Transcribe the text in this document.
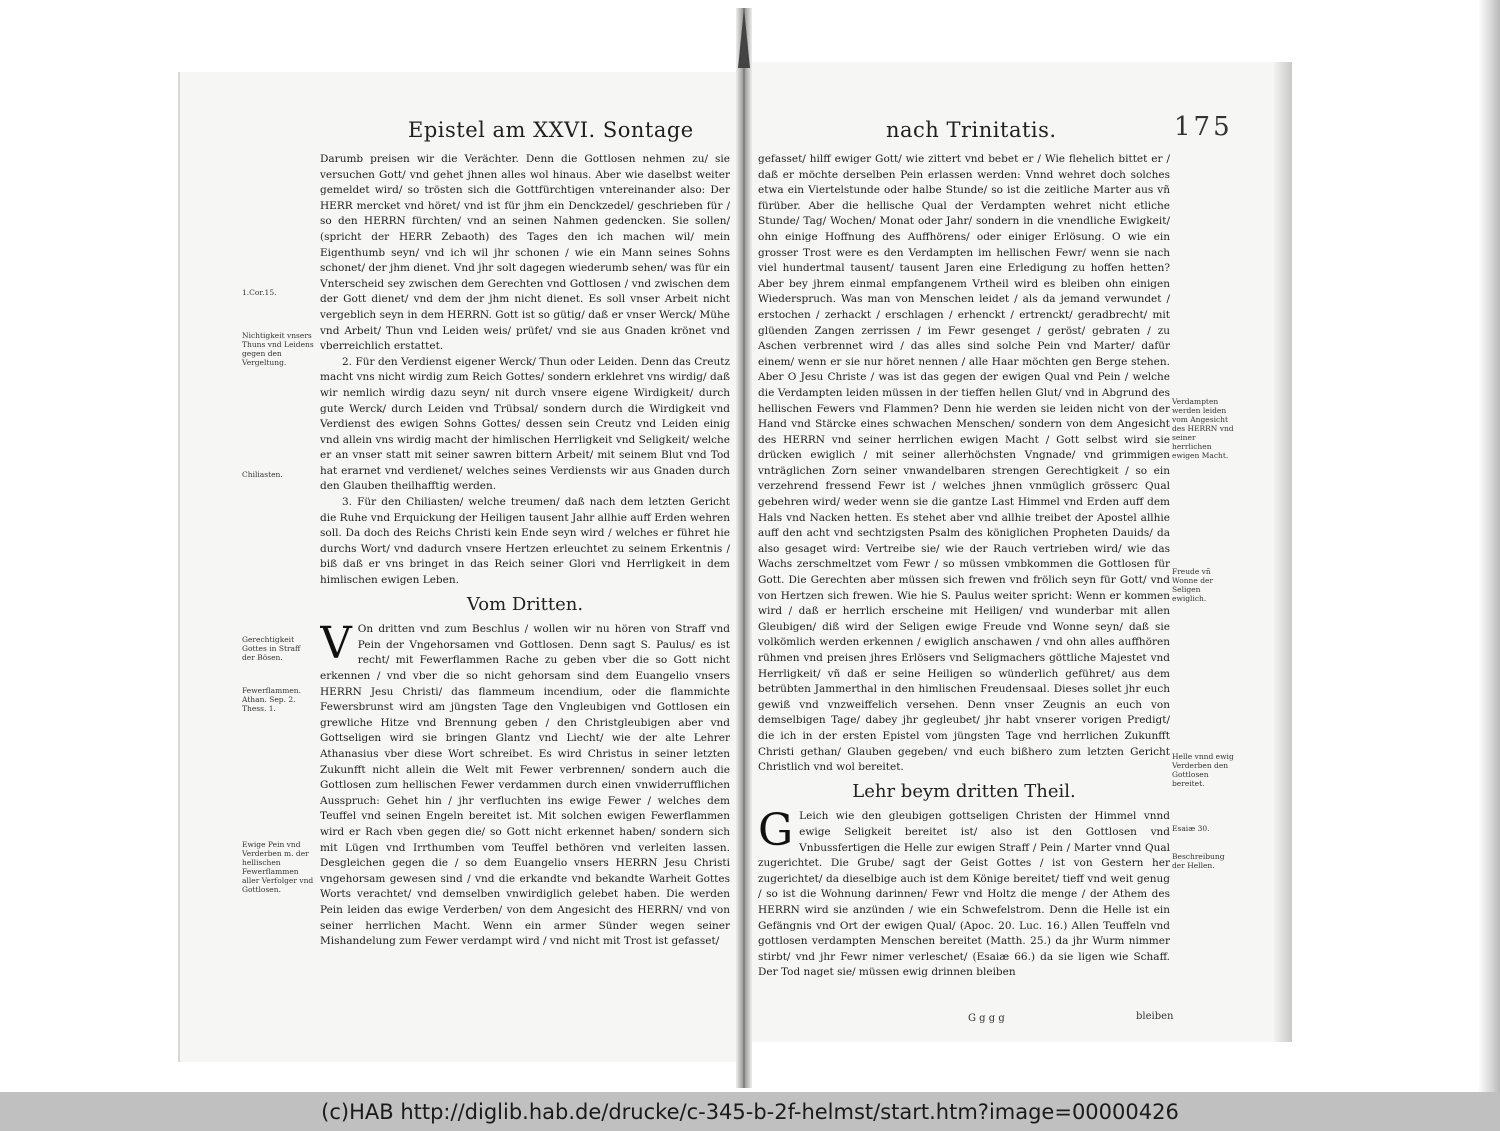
Epistel am XXVI. Sontage

Darumb preisen wir die Verächter. Denn die Gottlosen nehmen zu/ sie versuchen Gott/ vnd gehet jhnen alles wol hinaus. Aber wie daselbst weiter gemeldet wird/ so trösten sich die Gottfürchtigen vntereinander also: Der HERR mercket vnd höret/ vnd ist für jhm ein Denckzedel/ geschrieben für / so den HERRN fürchten/ vnd an seinen Nahmen gedencken. Sie sollen/ (spricht der HERR Zebaoth) des Tages den ich machen wil/ mein Eigenthumb seyn/ vnd ich wil jhr schonen / wie ein Mann seines Sohns schonet/ der jhm dienet. Vnd jhr solt dagegen wiederumb sehen/ was für ein Vnterscheid sey zwischen dem Gerechten vnd Gottlosen / vnd zwischen dem der Gott dienet/ vnd dem der jhm nicht dienet. Es soll vnser Arbeit nicht vergeblich seyn in dem HERRN. Gott ist so gütig/ daß er vnser Werck/ Mühe vnd Arbeit/ Thun vnd Leiden weis/ prüfet/ vnd sie aus Gnaden krönet vnd vberreichlich erstattet.

2. Für den Verdienst eigener Werck/ Thun oder Leiden. Denn das Creutz macht vns nicht wirdig zum Reich Gottes/ sondern erklehret vns wirdig/ daß wir nemlich wirdig dazu seyn/ nit durch vnsere eigene Wirdigkeit/ durch gute Werck/ durch Leiden vnd Trübsal/ sondern durch die Wirdigkeit vnd Verdienst des ewigen Sohns Gottes/ dessen sein Creutz vnd Leiden einig vnd allein vns wirdig macht der himlischen Herrligkeit vnd Seligkeit/ welche er an vnser statt mit seiner sawren bittern Arbeit/ mit seinem Blut vnd Tod hat erarnet vnd verdienet/ welches seines Verdiensts wir aus Gnaden durch den Glauben theilhafftig werden.

3. Für den Chiliasten/ welche treumen/ daß nach dem letzten Gericht die Ruhe vnd Erquickung der Heiligen tausent Jahr allhie auff Erden wehren soll. Da doch des Reichs Christi kein Ende seyn wird / welches er führet hie durchs Wort/ vnd dadurch vnsere Hertzen erleuchtet zu seinem Erkentnis / biß daß er vns bringet in das Reich seiner Glori vnd Herrligkeit in dem himlischen ewigen Leben.

Vom Dritten.

V On dritten vnd zum Beschlus / wollen wir nu hören von Straff vnd Pein der Vngehorsamen vnd Gottlosen. Denn sagt S. Paulus/ es ist recht/ mit Fewerflammen Rache zu geben vber die so Gott nicht erkennen / vnd vber die so nicht gehorsam sind dem Euangelio vnsers HERRN Jesu Christi/ das flammeum incendium, oder die flammichte Fewersbrunst wird am jüngsten Tage den Vngleubigen vnd Gottlosen ein grewliche Hitze vnd Brennung geben / den Christgleubigen aber vnd Gottseligen wird sie bringen Glantz vnd Liecht/ wie der alte Lehrer Athanasius vber diese Wort schreibet. Es wird Christus in seiner letzten Zukunfft nicht allein die Welt mit Fewer verbrennen/ sondern auch die Gottlosen zum hellischen Fewer verdammen durch einen vnwiderrufflichen Ausspruch: Gehet hin / jhr verfluchten ins ewige Fewer / welches dem Teuffel vnd seinen Engeln bereitet ist. Mit solchen ewigen Fewerflammen wird er Rach vben gegen die/ so Gott nicht erkennet haben/ sondern sich mit Lügen vnd Irrthumben vom Teuffel bethören vnd verleiten lassen. Desgleichen gegen die / so dem Euangelio vnsers HERRN Jesu Christi vngehorsam gewesen sind / vnd die erkandte vnd bekandte Warheit Gottes Worts verachtet/ vnd demselben vnwirdiglich gelebet haben. Die werden Pein leiden das ewige Verderben/ von dem Angesicht des HERRN/ vnd von seiner herrlichen Macht. Wenn ein armer Sünder wegen seiner Mishandelung zum Fewer verdampt wird / vnd nicht mit Trost ist gefasset/

1.Cor.15.
Nichtigkeit vnsers Thuns vnd Leidens gegen den Vergeltung.
Chiliasten.
Gerechtigkeit Gottes in Straff der Bösen.
Fewerflammen. Athan. Sep. 2. Thess. 1.
Ewige Pein vnd Verderben m. der hellischen Fewerflammen aller Verfolger vnd Gottlosen.
nach Trinitatis.	175

gefasset/ hilff ewiger Gott/ wie zittert vnd bebet er / Wie flehelich bittet er / daß er möchte derselben Pein erlassen werden: Vnnd wehret doch solches etwa ein Viertelstunde oder halbe Stunde/ so ist die zeitliche Marter aus vñ fürüber. Aber die hellische Qual der Verdampten wehret nicht etliche Stunde/ Tag/ Wochen/ Monat oder Jahr/ sondern in die vnendliche Ewigkeit/ ohn einige Hoffnung des Auffhörens/ oder einiger Erlösung. O wie ein grosser Trost were es den Verdampten im hellischen Fewr/ wenn sie nach viel hundertmal tausent/ tausent Jaren eine Erledigung zu hoffen hetten? Aber bey jhrem einmal empfangenem Vrtheil wird es bleiben ohn einigen Wiederspruch. Was man von Menschen leidet / als da jemand verwundet / erstochen / zerhackt / erschlagen / erhenckt / ertrenckt/ geradbrecht/ mit glüenden Zangen zerrissen / im Fewr gesenget / geröst/ gebraten / zu Aschen verbrennet wird / das alles sind solche Pein vnd Marter/ dafür einem/ wenn er sie nur höret nennen / alle Haar möchten gen Berge stehen. Aber O Jesu Christe / was ist das gegen der ewigen Qual vnd Pein / welche die Verdampten leiden müssen in der tieffen hellen Glut/ vnd in Abgrund des hellischen Fewers vnd Flammen? Denn hie werden sie leiden nicht von der Hand vnd Stärcke eines schwachen Menschen/ sondern von dem Angesicht des HERRN vnd seiner herrlichen ewigen Macht / Gott selbst wird sie drücken ewiglich / mit seiner allerhöchsten Vngnade/ vnd grimmigen vnträglichen Zorn seiner vnwandelbaren strengen Gerechtigkeit / so ein verzehrend fressend Fewr ist / welches jhnen vnmüglich grösserc Qual gebehren wird/ weder wenn sie die gantze Last Himmel vnd Erden auff dem Hals vnd Nacken hetten. Es stehet aber vnd allhie treibet der Apostel allhie auff den acht vnd sechtzigsten Psalm des königlichen Propheten Dauids/ da also gesaget wird: Vertreibe sie/ wie der Rauch vertrieben wird/ wie das Wachs zerschmeltzet vom Fewr / so müssen vmbkommen die Gottlosen für Gott. Die Gerechten aber müssen sich frewen vnd frölich seyn für Gott/ vnd von Hertzen sich frewen. Wie hie S. Paulus weiter spricht: Wenn er kommen wird / daß er herrlich erscheine mit Heiligen/ vnd wunderbar mit allen Gleubigen/ diß wird der Seligen ewige Freude vnd Wonne seyn/ daß sie volkömlich werden erkennen / ewiglich anschawen / vnd ohn alles auffhören rühmen vnd preisen jhres Erlösers vnd Seligmachers göttliche Majestet vnd Herrligkeit/ vñ daß er seine Heiligen so wünderlich geführet/ aus dem betrübten Jammerthal in den himlischen Freudensaal. Dieses sollet jhr euch gewiß vnd vnzweiffelich versehen. Denn vnser Zeugnis an euch von demselbigen Tage/ dabey jhr gegleubet/ jhr habt vnserer vorigen Predigt/ die ich in der ersten Epistel vom jüngsten Tage vnd herrlichen Zukunfft Christi gethan/ Glauben gegeben/ vnd euch bißhero zum letzten Gericht Christlich vnd wol bereitet.

Lehr beym dritten Theil.

G Leich wie den gleubigen gottseligen Christen der Himmel vnnd ewige Seligkeit bereitet ist/ also ist den Gottlosen vnd Vnbussfertigen die Helle zur ewigen Straff / Pein / Marter vnnd Qual zugerichtet. Die Grube/ sagt der Geist Gottes / ist von Gestern her zugerichtet/ da dieselbige auch ist dem Könige bereitet/ tieff vnd weit genug / so ist die Wohnung darinnen/ Fewr vnd Holtz die menge / der Athem des HERRN wird sie anzünden / wie ein Schwefelstrom. Denn die Helle ist ein Gefängnis vnd Ort der ewigen Qual/ (Apoc. 20. Luc. 16.) Allen Teuffeln vnd gottlosen verdampten Menschen bereitet (Matth. 25.) da jhr Wurm nimmer stirbt/ vnd jhr Fewr nimer verleschet/ (Esaiæ 66.) da sie ligen wie Schaff. Der Tod naget sie/ müssen ewig drinnen bleiben

G g g g	bleiben
Verdampten werden leiden vom Angesicht des HERRN vnd seiner herrlichen ewigen Macht.
Freude vñ Wonne der Seligen ewiglich.
Helle vnnd ewig Verderben den Gottlosen bereitet.
Esaiæ 30.
Beschreibung der Hellen.
(c)HAB http://diglib.hab.de/drucke/c-345-b-2f-helmst/start.htm?image=00000426
